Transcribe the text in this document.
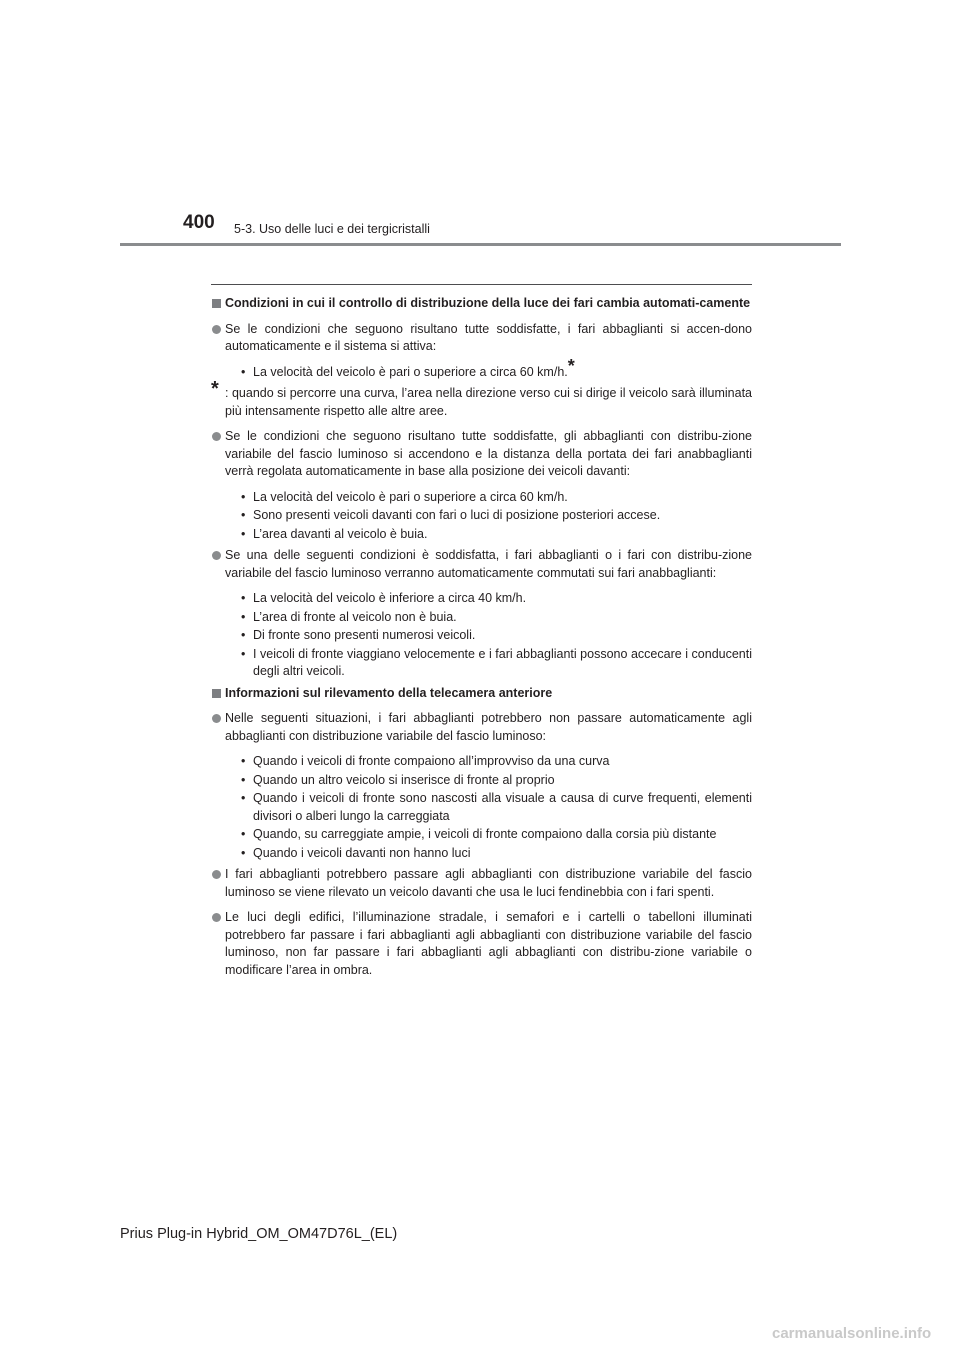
400 5-3. Uso delle luci e dei tergicristalli
Condizioni in cui il controllo di distribuzione della luce dei fari cambia automati-camente
Se le condizioni che seguono risultano tutte soddisfatte, i fari abbaglianti si accen-dono automaticamente e il sistema si attiva:
• La velocità del veicolo è pari o superiore a circa 60 km/h.*
* : quando si percorre una curva, l’area nella direzione verso cui si dirige il veicolo sarà illuminata più intensamente rispetto alle altre aree.
Se le condizioni che seguono risultano tutte soddisfatte, gli abbaglianti con distribu-zione variabile del fascio luminoso si accendono e la distanza della portata dei fari anabbaglianti verrà regolata automaticamente in base alla posizione dei veicoli davanti:
• La velocità del veicolo è pari o superiore a circa 60 km/h.
• Sono presenti veicoli davanti con fari o luci di posizione posteriori accese.
• L’area davanti al veicolo è buia.
Se una delle seguenti condizioni è soddisfatta, i fari abbaglianti o i fari con distribu-zione variabile del fascio luminoso verranno automaticamente commutati sui fari anabbaglianti:
• La velocità del veicolo è inferiore a circa 40 km/h.
• L’area di fronte al veicolo non è buia.
• Di fronte sono presenti numerosi veicoli.
• I veicoli di fronte viaggiano velocemente e i fari abbaglianti possono accecare i conducenti degli altri veicoli.
Informazioni sul rilevamento della telecamera anteriore
Nelle seguenti situazioni, i fari abbaglianti potrebbero non passare automaticamente agli abbaglianti con distribuzione variabile del fascio luminoso:
• Quando i veicoli di fronte compaiono all’improvviso da una curva
• Quando un altro veicolo si inserisce di fronte al proprio
• Quando i veicoli di fronte sono nascosti alla visuale a causa di curve frequenti, elementi divisori o alberi lungo la carreggiata
• Quando, su carreggiate ampie, i veicoli di fronte compaiono dalla corsia più distante
• Quando i veicoli davanti non hanno luci
I fari abbaglianti potrebbero passare agli abbaglianti con distribuzione variabile del fascio luminoso se viene rilevato un veicolo davanti che usa le luci fendinebbia con i fari spenti.
Le luci degli edifici, l’illuminazione stradale, i semafori e i cartelli o tabelloni illuminati potrebbero far passare i fari abbaglianti agli abbaglianti con distribuzione variabile del fascio luminoso, non far passare i fari abbaglianti agli abbaglianti con distribu-zione variabile o modificare l’area in ombra.
Prius Plug-in Hybrid_OM_OM47D76L_(EL)
carmanualsonline.info
